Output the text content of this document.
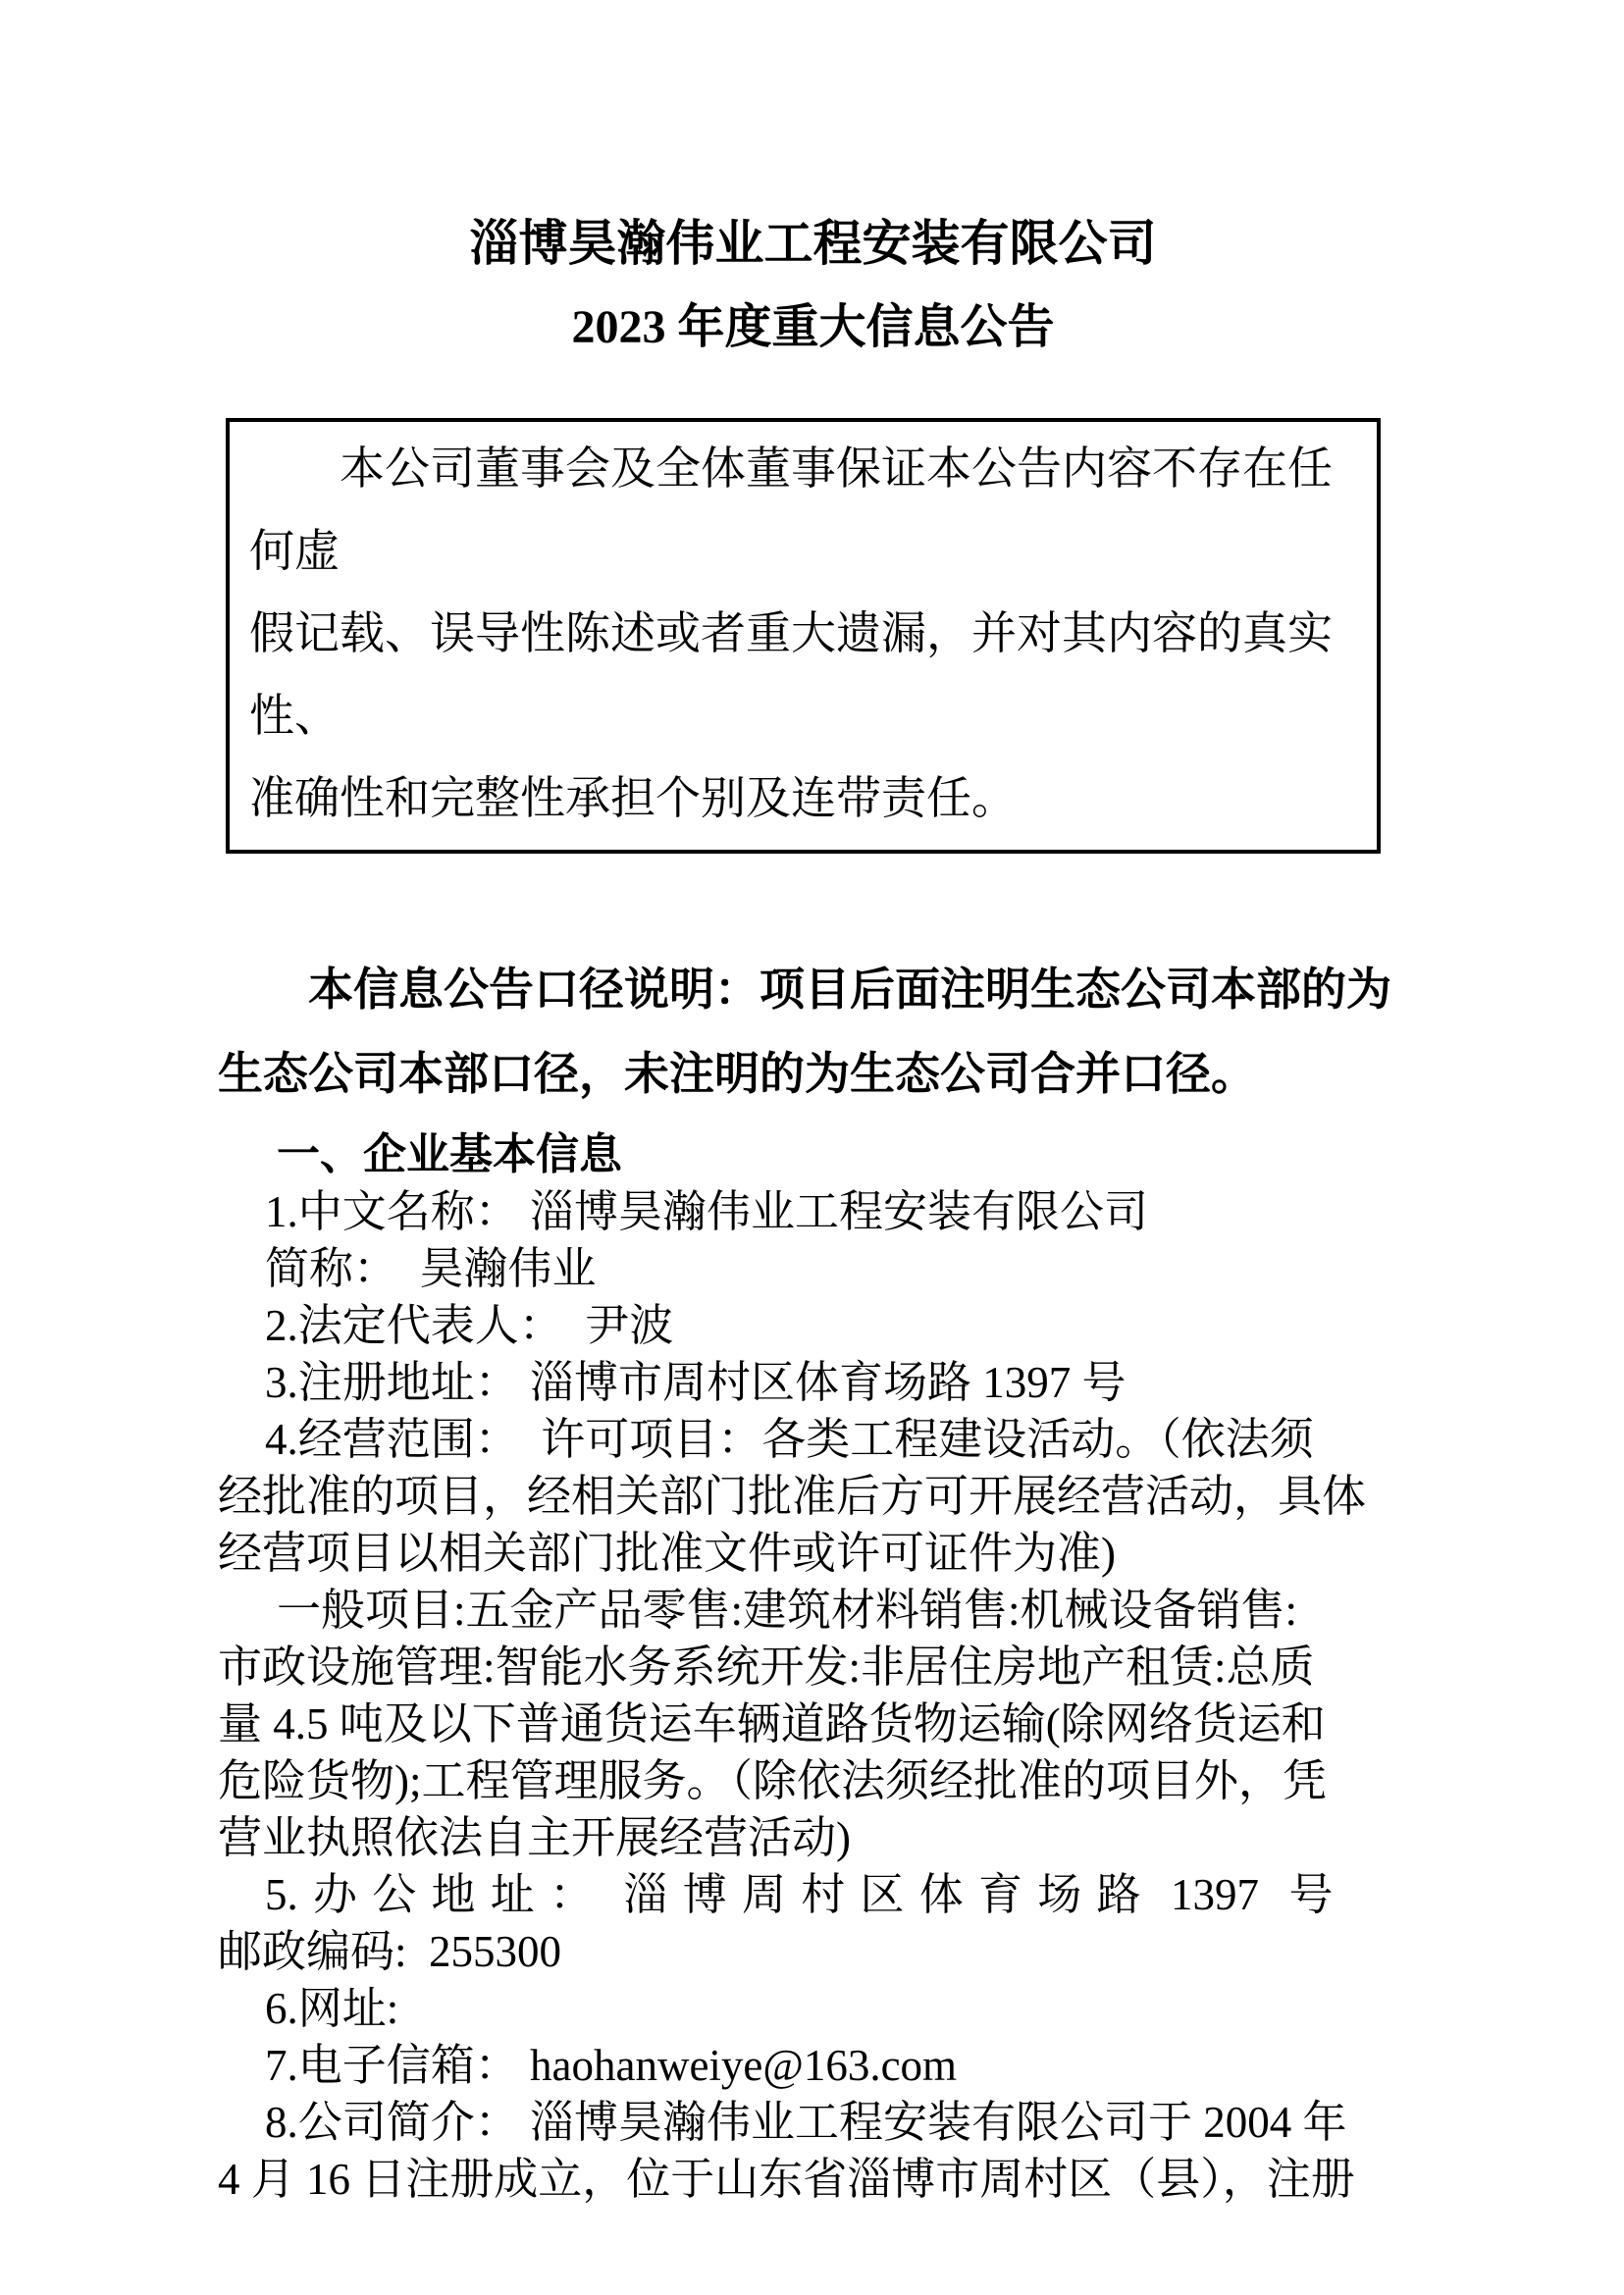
淄博昊瀚伟业工程安装有限公司
2023 年度重大信息公告
本公司董事会及全体董事保证本公告内容不存在任何虚
假记载、误导性陈述或者重大遗漏，并对其内容的真实性、
准确性和完整性承担个别及连带责任。
本信息公告口径说明：项目后面注明生态公司本部的为
生态公司本部口径，未注明的为生态公司合并口径。
一、企业基本信息
1.中文名称： 淄博昊瀚伟业工程安装有限公司
简称：  昊瀚伟业
2.法定代表人：  尹波
3.注册地址： 淄博市周村区体育场路 1397 号
4.经营范围：  许可项目：各类工程建设活动。（依法须
经批准的项目，经相关部门批准后方可开展经营活动，具体
经营项目以相关部门批准文件或许可证件为准)
一般项目:五金产品零售:建筑材料销售:机械设备销售:
市政设施管理:智能水务系统开发:非居住房地产租赁:总质
量 4.5 吨及以下普通货运车辆道路货物运输(除网络货运和
危险货物);工程管理服务。（除依法须经批准的项目外，凭
营业执照依法自主开展经营活动)
5. 办 公 地 址 ：  淄 博 周 村 区 体 育 场 路  1397  号
邮政编码:  255300
6.网址:
7.电子信箱： haohanweiye@163.com
8.公司简介： 淄博昊瀚伟业工程安装有限公司于 2004 年
4 月 16 日注册成立，位于山东省淄博市周村区（县），注册
